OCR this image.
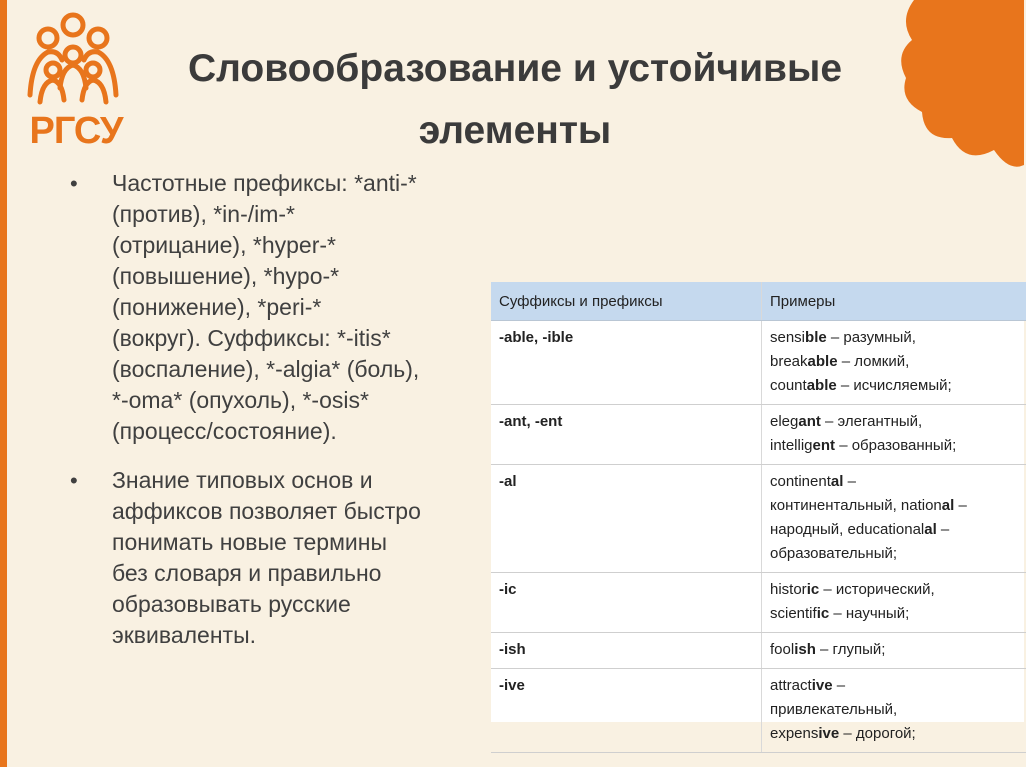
РГСУ
Словообразование и устойчивые
элементы
• Частотные префиксы: *anti-*
(против), *in-/im-*
(отрицание), *hyper-*
(повышение), *hypo-*
(понижение), *peri-*
(вокруг). Суффиксы: *-itis*
(воспаление), *-algia* (боль),
*-oma* (опухоль), *-osis*
(процесс/состояние).
• Знание типовых основ и
аффиксов позволяет быстро
понимать новые термины
без словаря и правильно
образовывать русские
эквиваленты.
Суффиксы и префиксы	Примеры
-able, -ible	sensible – разумный,
breakable – ломкий,
countable – исчисляемый;

-ant, -ent	elegant – элегантный,
intelligent – образованный;

-al	continental –
континентальный, national –
народный, educationalal –
образовательный;

-ic	historic – исторический,
scientific – научный;

-ish	foolish – глупый;

-ive	attractive –
привлекательный,
expensive – дорогой;
